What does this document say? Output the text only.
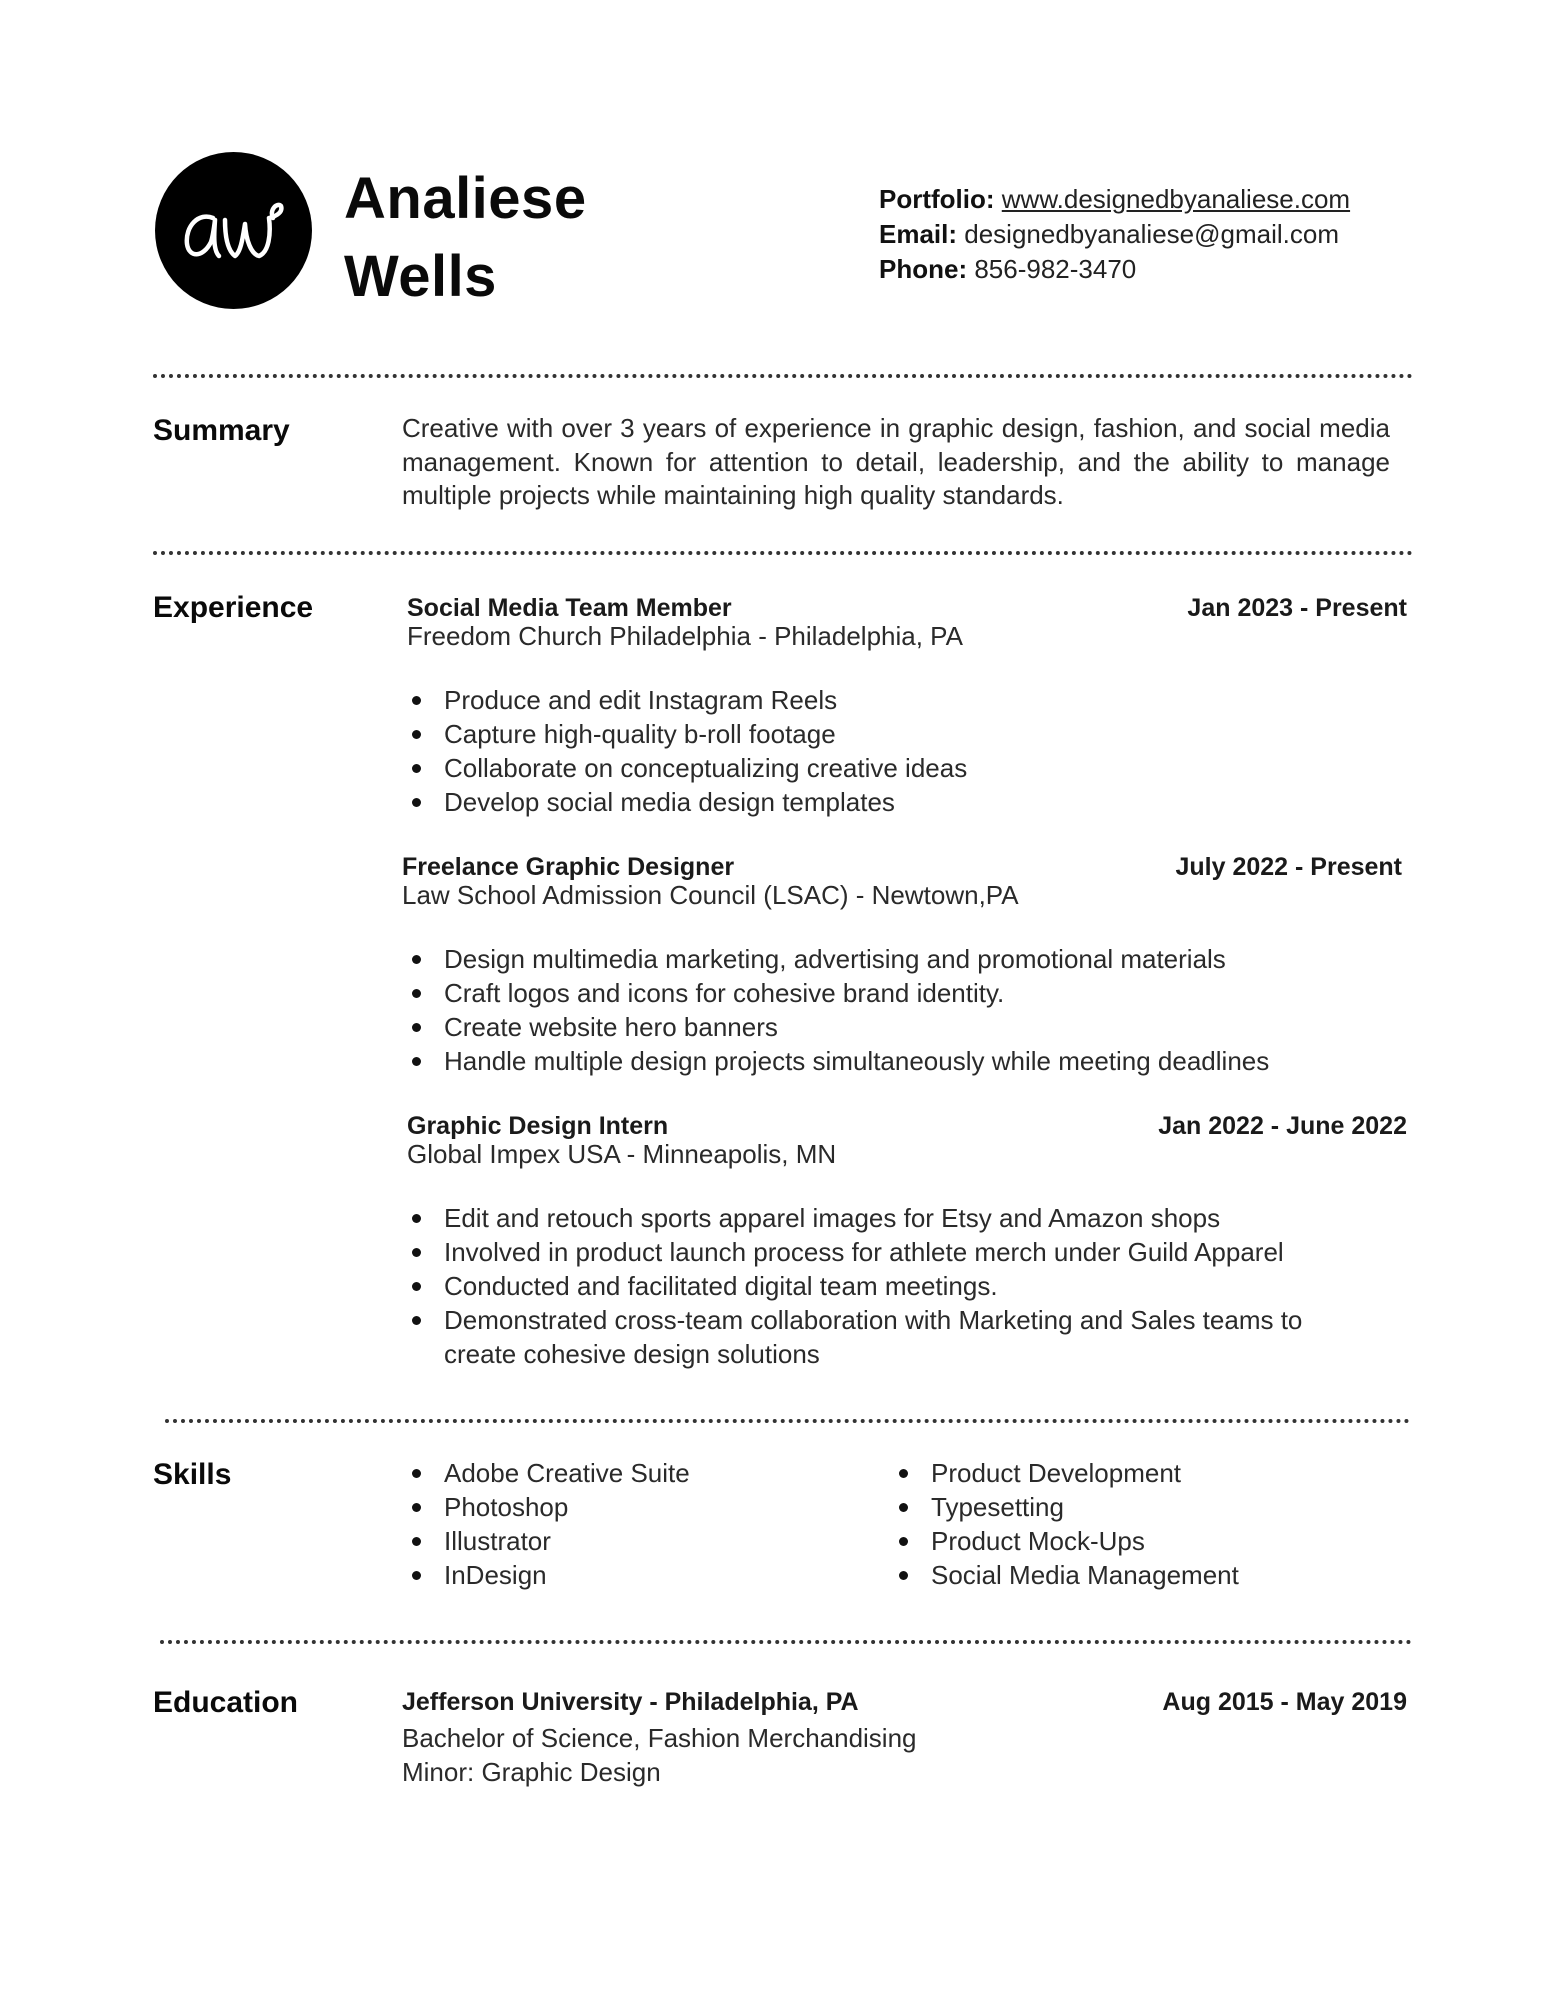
Analiese
Wells
Portfolio: www.designedbyanaliese.com
Email: designedbyanaliese@gmail.com
Phone: 856-982-3470
Summary	Creative with over 3 years of experience in graphic design, fashion, and social media management. Known for attention to detail, leadership, and the ability to manage multiple projects while maintaining high quality standards.
Experience	Social Media Team Member	Jan 2023 - Present
Freedom Church Philadelphia - Philadelphia, PA
Produce and edit Instagram Reels
Capture high-quality b-roll footage
Collaborate on conceptualizing creative ideas
Develop social media design templates
Freelance Graphic Designer	July 2022 - Present
Law School Admission Council (LSAC) - Newtown,PA
Design multimedia marketing, advertising and promotional materials
Craft logos and icons for cohesive brand identity.
Create website hero banners
Handle multiple design projects simultaneously while meeting deadlines
Graphic Design Intern	Jan 2022 - June 2022
Global Impex USA - Minneapolis, MN
Edit and retouch sports apparel images for Etsy and Amazon shops
Involved in product launch process for athlete merch under Guild Apparel
Conducted and facilitated digital team meetings.
Demonstrated cross-team collaboration with Marketing and Sales teams to create cohesive design solutions
Skills	Adobe Creative Suite
Photoshop
Illustrator
InDesign
Product Development
Typesetting
Product Mock-Ups
Social Media Management
Education	Jefferson University - Philadelphia, PA	Aug 2015 - May 2019
Bachelor of Science, Fashion Merchandising
Minor: Graphic Design
